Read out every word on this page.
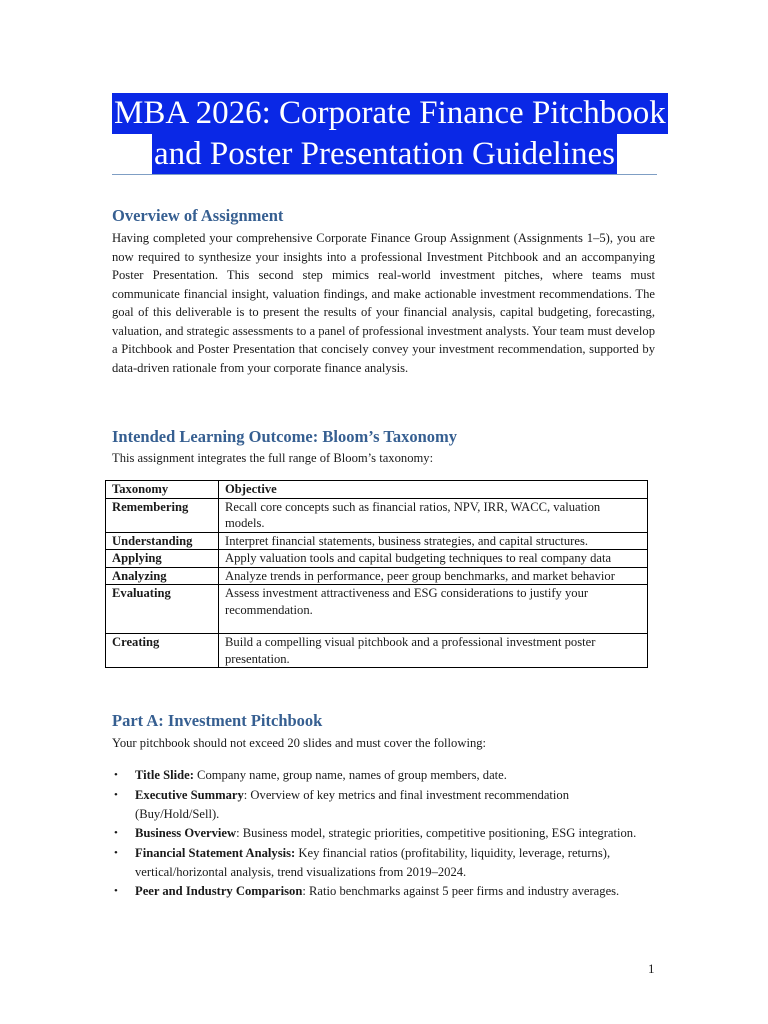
MBA 2026: Corporate Finance Pitchbook
and Poster Presentation Guidelines
Overview of Assignment

Having completed your comprehensive Corporate Finance Group Assignment (Assignments 1–5), you are now required to synthesize your insights into a professional Investment Pitchbook and an accompanying Poster Presentation. This second step mimics real-world investment pitches, where teams must communicate financial insight, valuation findings, and make actionable investment recommendations. The goal of this deliverable is to present the results of your financial analysis, capital budgeting, forecasting, valuation, and strategic assessments to a panel of professional investment analysts. Your team must develop a Pitchbook and Poster Presentation that concisely convey your investment recommendation, supported by data-driven rationale from your corporate finance analysis.

Intended Learning Outcome: Bloom’s Taxonomy

This assignment integrates the full range of Bloom’s taxonomy:

Taxonomy	Objective
Remembering	Recall core concepts such as financial ratios, NPV, IRR, WACC, valuation models.
Understanding	Interpret financial statements, business strategies, and capital structures.
Applying	Apply valuation tools and capital budgeting techniques to real company data
Analyzing	Analyze trends in performance, peer group benchmarks, and market behavior
Evaluating	Assess investment attractiveness and ESG considerations to justify your recommendation.
Creating	Build a compelling visual pitchbook and a professional investment poster presentation.
Part A: Investment Pitchbook

Your pitchbook should not exceed 20 slides and must cover the following:

• Title Slide: Company name, group name, names of group members, date.
• Executive Summary: Overview of key metrics and final investment recommendation (Buy/Hold/Sell).
• Business Overview: Business model, strategic priorities, competitive positioning, ESG integration.
• Financial Statement Analysis: Key financial ratios (profitability, liquidity, leverage, returns), vertical/horizontal analysis, trend visualizations from 2019–2024.
• Peer and Industry Comparison: Ratio benchmarks against 5 peer firms and industry averages.
1
